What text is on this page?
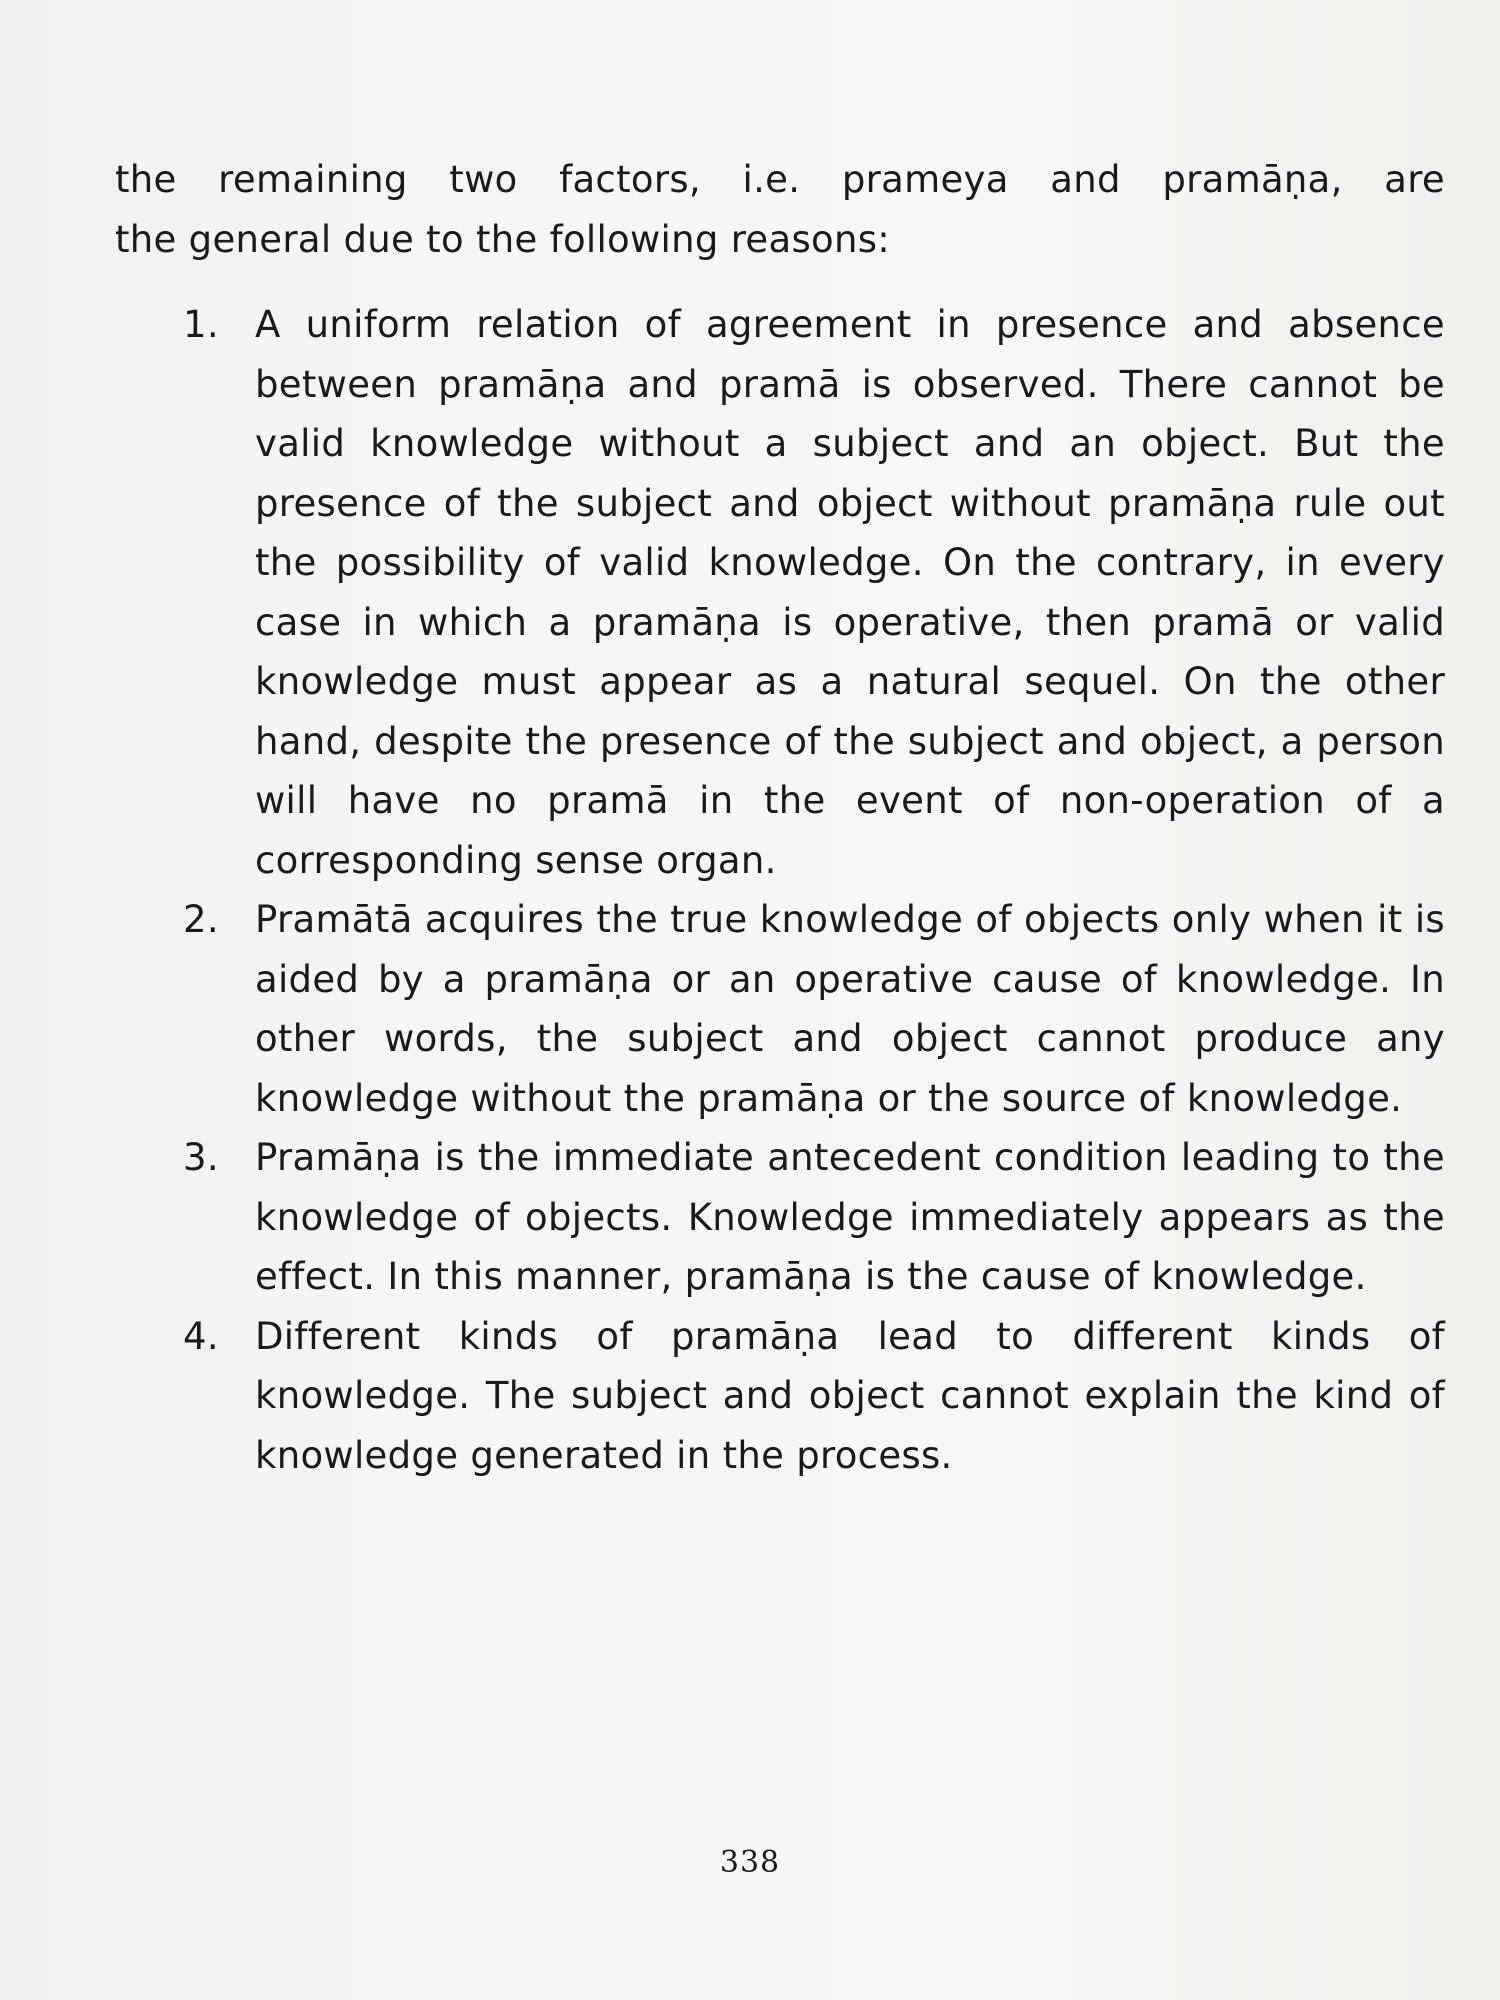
the remaining two factors, i.e. prameya and pramāṇa, are
the general due to the following reasons:

1. A uniform relation of agreement in presence and absence between pramāṇa and pramā is observed. There cannot be valid knowledge without a subject and an object. But the presence of the subject and object without pramāṇa rule out the possibility of valid knowledge. On the contrary, in every case in which a pramāṇa is operative, then pramā or valid knowledge must appear as a natural sequel. On the other hand, despite the presence of the subject and object, a person will have no pramā in the event of non-operation of a corresponding sense organ.
2. Pramātā acquires the true knowledge of objects only when it is aided by a pramāṇa or an operative cause of knowledge. In other words, the subject and object cannot produce any knowledge without the pramāṇa or the source of knowledge.
3. Pramāṇa is the immediate antecedent condition leading to the knowledge of objects. Knowledge immediately appears as the effect. In this manner, pramāṇa is the cause of knowledge.
4. Different kinds of pramāṇa lead to different kinds of knowledge. The subject and object cannot explain the kind of knowledge generated in the process.
338
